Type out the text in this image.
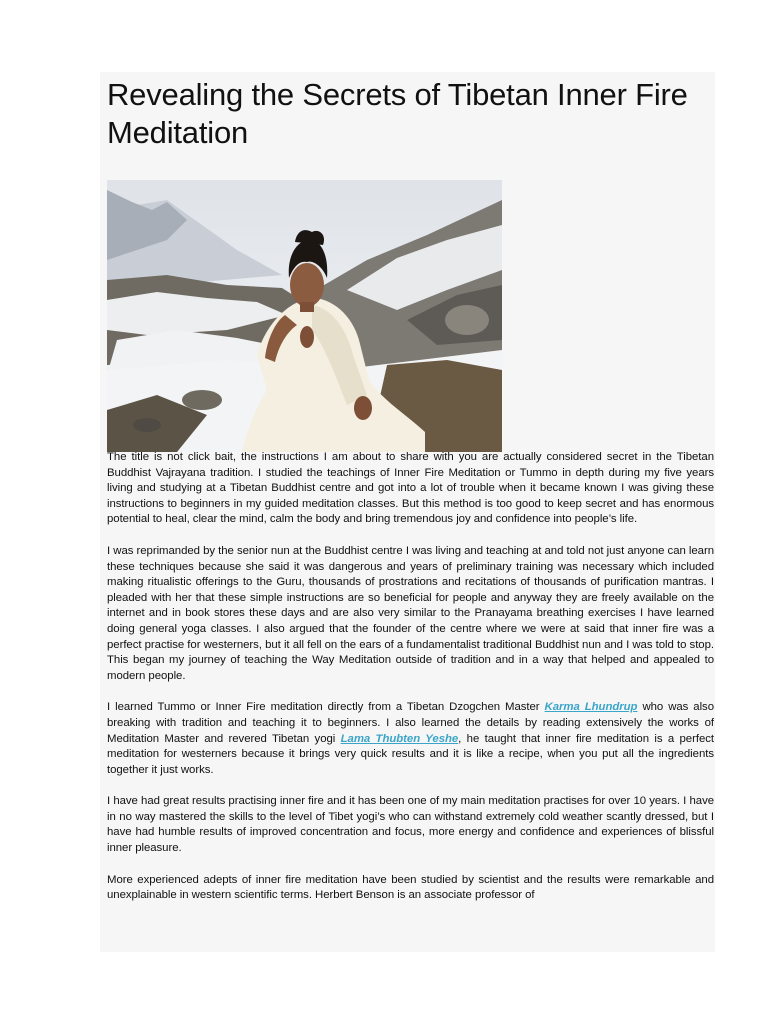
Revealing the Secrets of Tibetan Inner Fire Meditation

The title is not click bait, the instructions I am about to share with you are actually considered secret in the Tibetan Buddhist Vajrayana tradition. I studied the teachings of Inner Fire Meditation or Tummo in depth during my five years living and studying at a Tibetan Buddhist centre and got into a lot of trouble when it became known I was giving these instructions to beginners in my guided meditation classes. But this method is too good to keep secret and has enormous potential to heal, clear the mind, calm the body and bring tremendous joy and confidence into people’s life.

I was reprimanded by the senior nun at the Buddhist centre I was living and teaching at and told not just anyone can learn these techniques because she said it was dangerous and years of preliminary training was necessary which included making ritualistic offerings to the Guru, thousands of prostrations and recitations of thousands of purification mantras. I pleaded with her that these simple instructions are so beneficial for people and anyway they are freely available on the internet and in book stores these days and are also very similar to the Pranayama breathing exercises I have learned doing general yoga classes. I also argued that the founder of the centre where we were at said that inner fire was a perfect practise for westerners, but it all fell on the ears of a fundamentalist traditional Buddhist nun and I was told to stop. This began my journey of teaching the Way Meditation outside of tradition and in a way that helped and appealed to modern people.

I learned Tummo or Inner Fire meditation directly from a Tibetan Dzogchen Master Karma Lhundrup who was also breaking with tradition and teaching it to beginners. I also learned the details by reading extensively the works of Meditation Master and revered Tibetan yogi Lama Thubten Yeshe, he taught that inner fire meditation is a perfect meditation for westerners because it brings very quick results and it is like a recipe, when you put all the ingredients together it just works.

I have had great results practising inner fire and it has been one of my main meditation practises for over 10 years. I have in no way mastered the skills to the level of Tibet yogi’s who can withstand extremely cold weather scantly dressed, but I have had humble results of improved concentration and focus, more energy and confidence and experiences of blissful inner pleasure.

More experienced adepts of inner fire meditation have been studied by scientist and the results were remarkable and unexplainable in western scientific terms. Herbert Benson is an associate professor of
